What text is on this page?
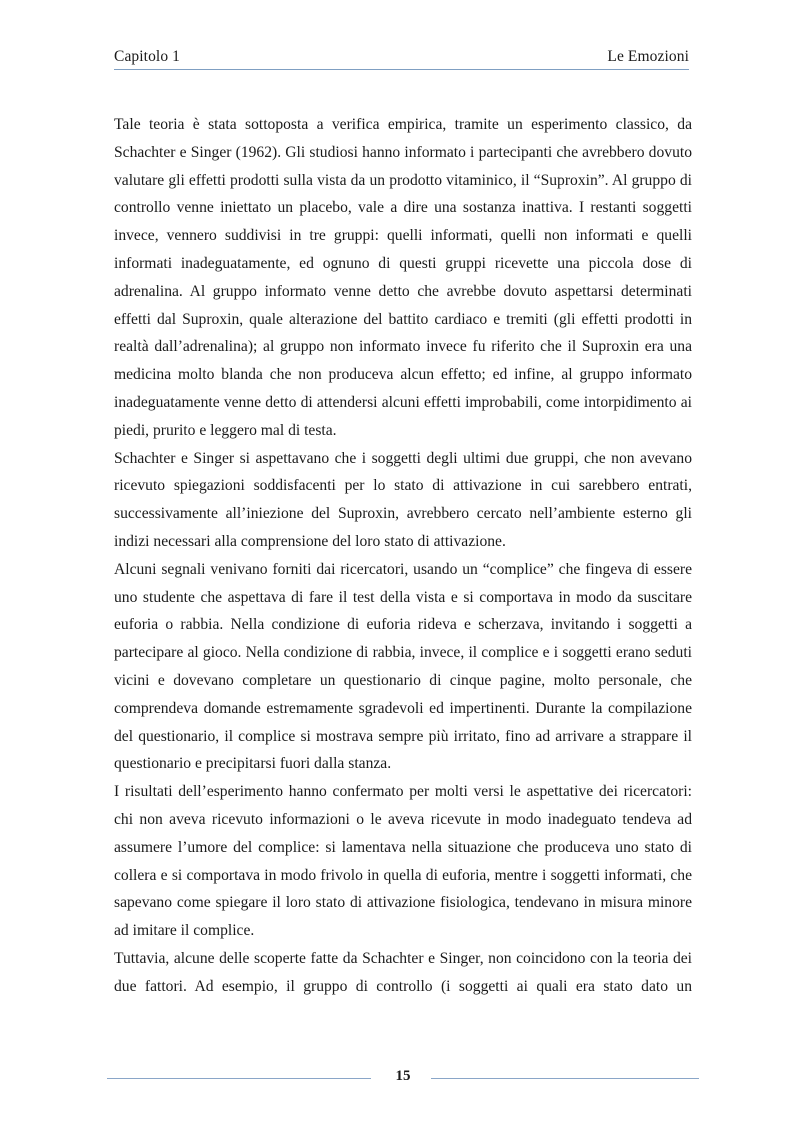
Capitolo 1	Le Emozioni

Tale teoria è stata sottoposta a verifica empirica, tramite un esperimento classico, da Schachter e Singer (1962). Gli studiosi hanno informato i partecipanti che avrebbero dovuto valutare gli effetti prodotti sulla vista da un prodotto vitaminico, il “Suproxin”. Al gruppo di controllo venne iniettato un placebo, vale a dire una sostanza inattiva. I restanti soggetti invece, vennero suddivisi in tre gruppi: quelli informati, quelli non informati e quelli informati inadeguatamente, ed ognuno di questi gruppi ricevette una piccola dose di adrenalina. Al gruppo informato venne detto che avrebbe dovuto aspettarsi determinati effetti dal Suproxin, quale alterazione del battito cardiaco e tremiti (gli effetti prodotti in realtà dall’adrenalina); al gruppo non informato invece fu riferito che il Suproxin era una medicina molto blanda che non produceva alcun effetto; ed infine, al gruppo informato inadeguatamente venne detto di attendersi alcuni effetti improbabili, come intorpidimento ai piedi, prurito e leggero mal di testa.

Schachter e Singer si aspettavano che i soggetti degli ultimi due gruppi, che non avevano ricevuto spiegazioni soddisfacenti per lo stato di attivazione in cui sarebbero entrati, successivamente all’iniezione del Suproxin, avrebbero cercato nell’ambiente esterno gli indizi necessari alla comprensione del loro stato di attivazione.

Alcuni segnali venivano forniti dai ricercatori, usando un “complice” che fingeva di essere uno studente che aspettava di fare il test della vista e si comportava in modo da suscitare euforia o rabbia. Nella condizione di euforia rideva e scherzava, invitando i soggetti a partecipare al gioco. Nella condizione di rabbia, invece, il complice e i soggetti erano seduti vicini e dovevano completare un questionario di cinque pagine, molto personale, che comprendeva domande estremamente sgradevoli ed impertinenti. Durante la compilazione del questionario, il complice si mostrava sempre più irritato, fino ad arrivare a strappare il questionario e precipitarsi fuori dalla stanza.

I risultati dell’esperimento hanno confermato per molti versi le aspettative dei ricercatori: chi non aveva ricevuto informazioni o le aveva ricevute in modo inadeguato tendeva ad assumere l’umore del complice: si lamentava nella situazione che produceva uno stato di collera e si comportava in modo frivolo in quella di euforia, mentre i soggetti informati, che sapevano come spiegare il loro stato di attivazione fisiologica, tendevano in misura minore ad imitare il complice.

Tuttavia, alcune delle scoperte fatte da Schachter e Singer, non coincidono con la teoria dei due fattori. Ad esempio, il gruppo di controllo (i soggetti ai quali era stato dato un

15
